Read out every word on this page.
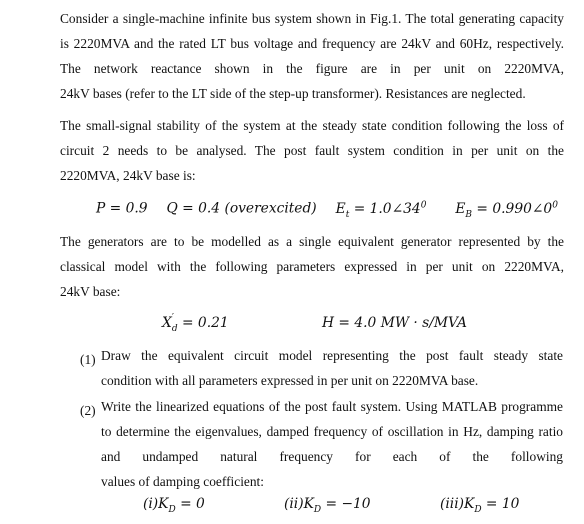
Consider a single-machine infinite bus system shown in Fig.1. The total generating capacity is 2220MVA and the rated LT bus voltage and frequency are 24kV and 60Hz, respectively. The network reactance shown in the figure are in per unit on 2220MVA,
24kV bases (refer to the LT side of the step-up transformer). Resistances are neglected.
The small-signal stability of the system at the steady state condition following the loss of circuit 2 needs to be analysed. The post fault system condition in per unit on the
2220MVA, 24kV base is:
P = 0.9 Q = 0.4 (overexcited) $E_t$ = $1.0\angle 34^0$ $E_B$ = $0.990\angle 0^0$
The generators are to be modelled as a single equivalent generator represented by the classical model with the following parameters expressed in per unit on 2220MVA,
24kV base:
X ′
$_d$ = 0.21	H = 4.0 MW · s/MVA
(1) Draw the equivalent circuit model representing the post fault steady state
condition with all parameters expressed in per unit on 2220MVA base.
(2) Write the linearized equations of the post fault system. Using MATLAB programme to determine the eigenvalues, damped frequency of oscillation in Hz, damping ratio and undamped natural frequency for each of the following
values of damping coefficient:
$(i)K_D = 0$	$(ii)K_D = -10$	$(iii)K_D = 10$
